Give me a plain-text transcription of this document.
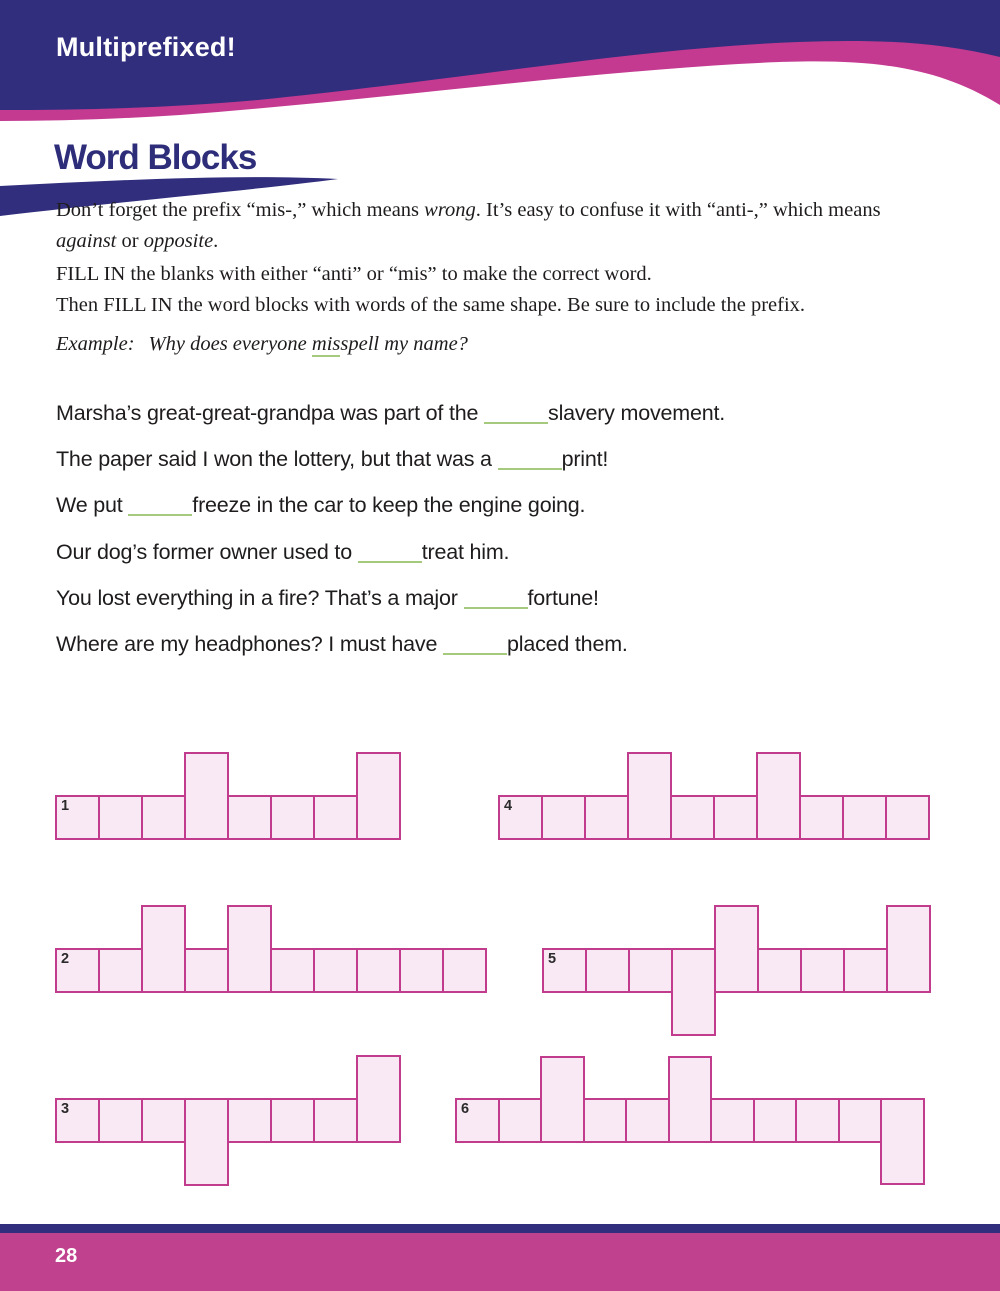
Multiprefixed!
Word Blocks

Don’t forget the prefix “mis-,” which means wrong. It’s easy to confuse it with “anti-,” which means against or opposite.

FILL IN the blanks with either “anti” or “mis” to make the correct word.
Then FILL IN the word blocks with words of the same shape. Be sure to include the prefix.

Example: Why does everyone misspell my name?

Marsha’s great-great-grandpa was part of the	slavery movement.
The paper said I won the lottery, but that was a	print!
We put	freeze in the car to keep the engine going.
Our dog’s former owner used to	treat him.
You lost everything in a fire? That’s a major	fortune!
Where are my headphones? I must have	placed them.
1	4
2	5
3	6
28
